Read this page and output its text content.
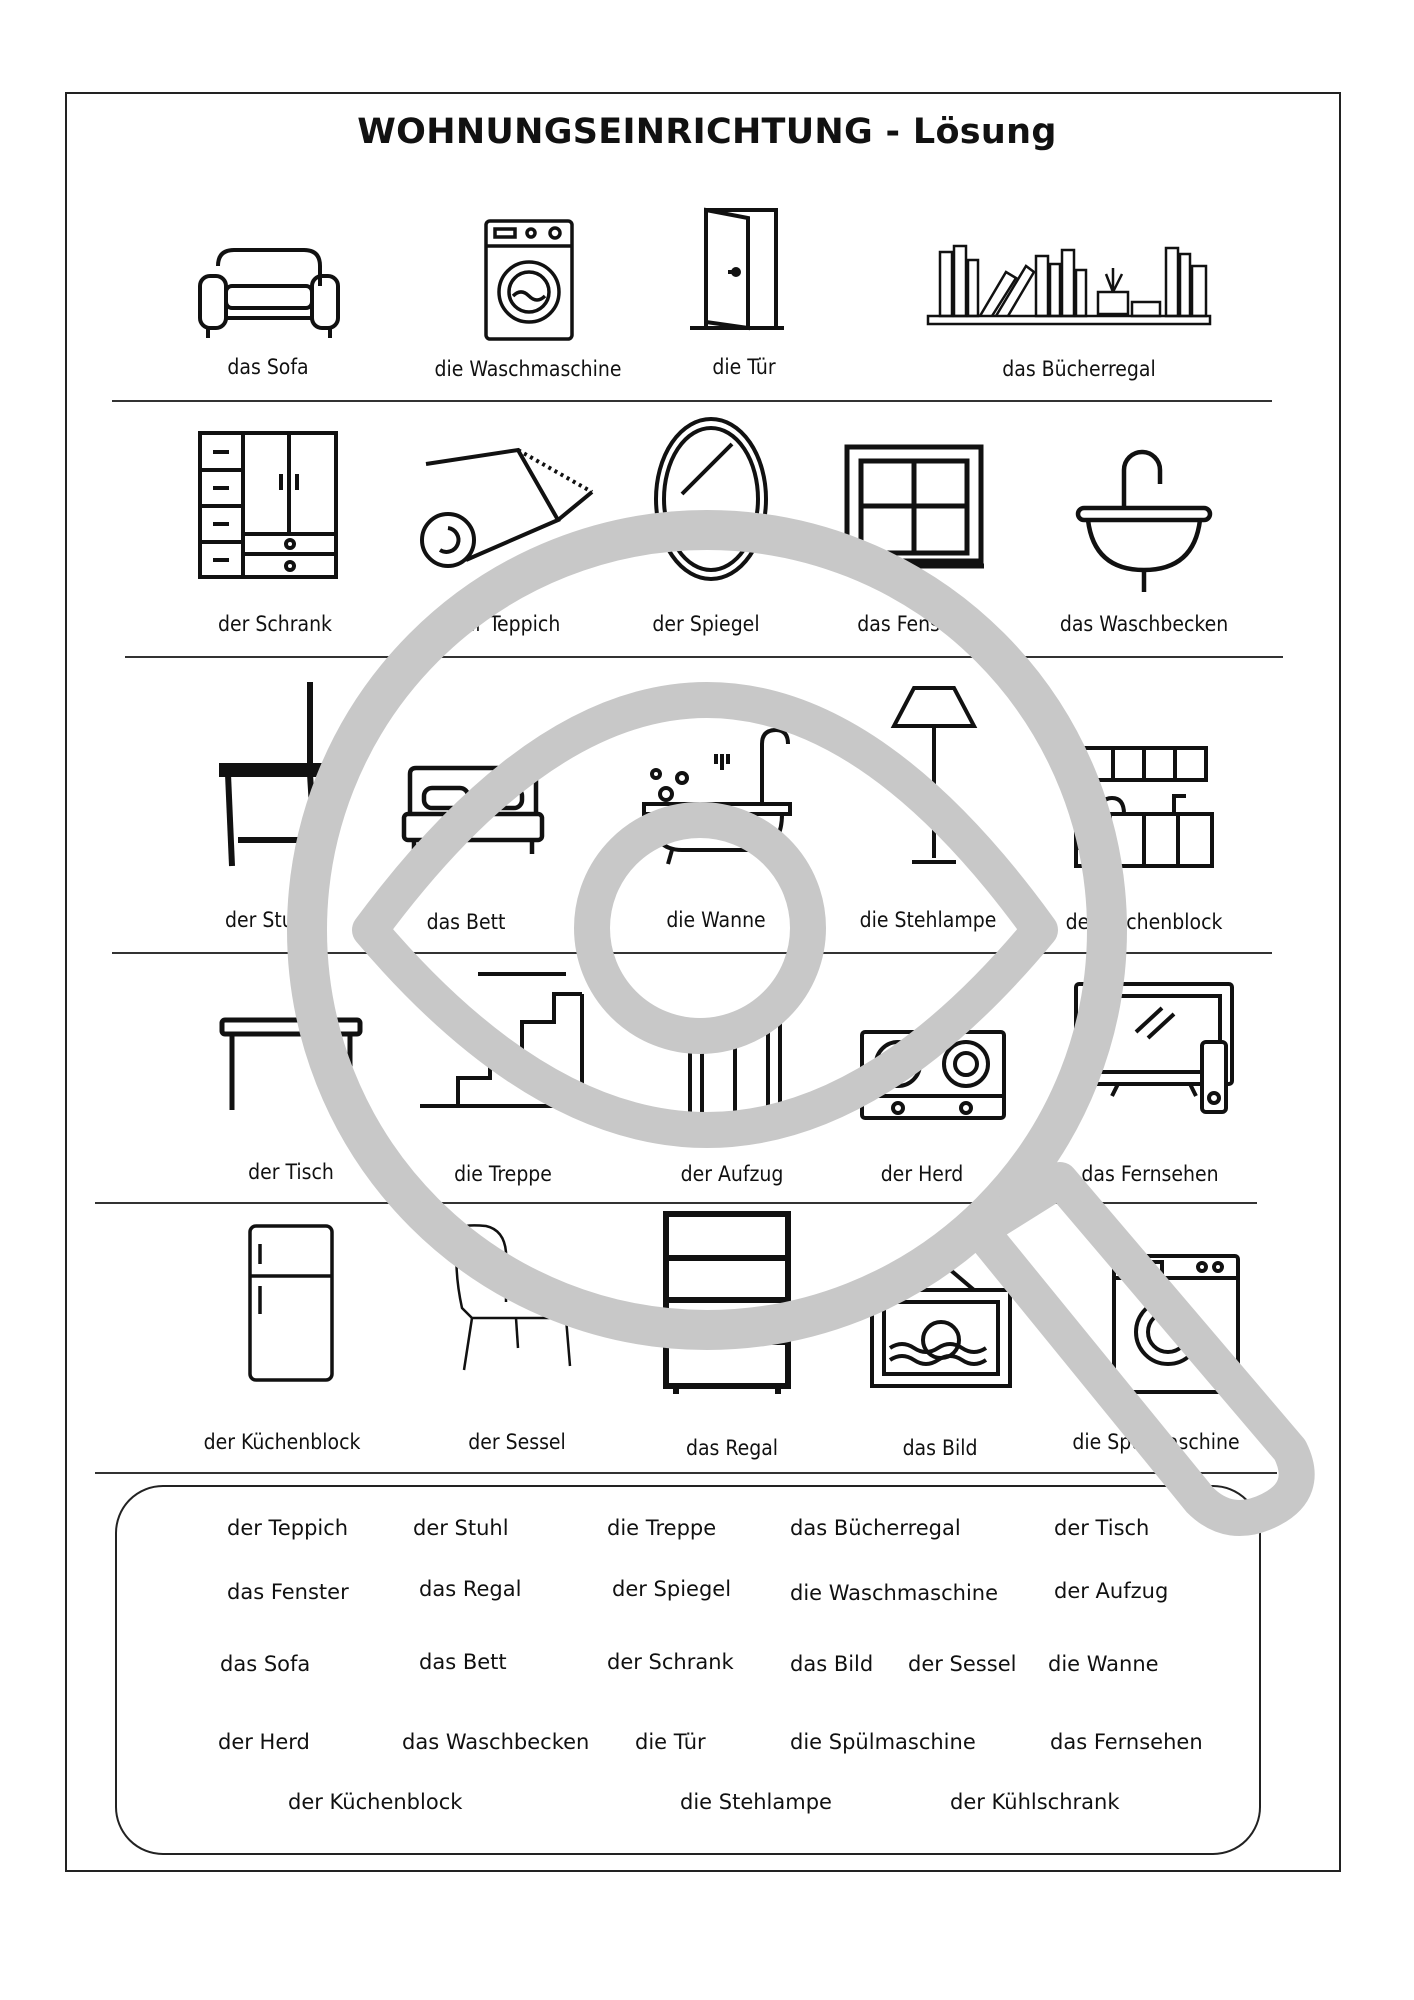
WOHNUNGSEINRICHTUNG - Lösung
das Sofa	die Waschmaschine	die Tür	das Bücherregal
der Schrank	der Teppich	der Spiegel	das Fenster	das Waschbecken
der Stuhl	das Bett	die Wanne	die Stehlampe	der Küchenblock
der Tisch	die Treppe	der Aufzug	der Herd	das Fernsehen
der Küchenblock	der Sessel	das Regal	das Bild	die Spülmaschine
der Teppich	der Stuhl	die Treppe	das Bücherregal	der Tisch
das Fenster	das Regal	der Spiegel	die Waschmaschine	der Aufzug
das Sofa	das Bett	der Schrank	das Bild der Sessel die Wanne
der Herd	das Waschbecken die Tür	die Spülmaschine	das Fernsehen
der Küchenblock	die Stehlampe	der Kühlschrank
